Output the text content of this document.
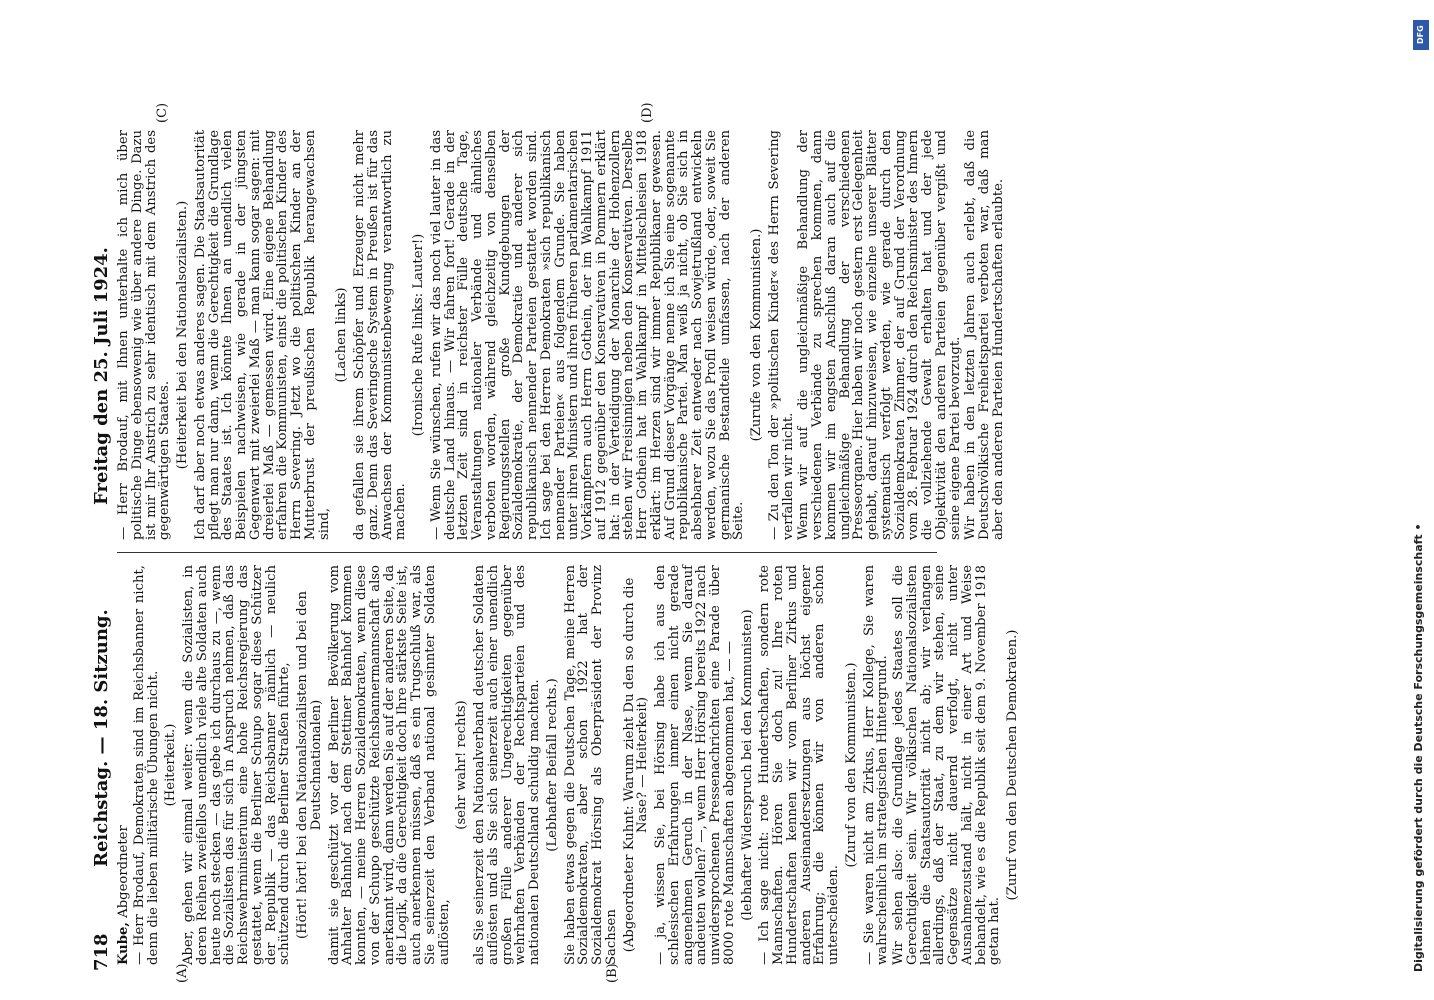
718
Reichstag. — 18. Sitzung.
Freitag den 25. Juli 1924.
(A)	(B)
(C)	(D)

Kube, Abgeordneter — Herr Brodauf, Demokraten sind im Reichsbanner nicht, denn die lieben militärische Übungen nicht. (Heiterkeit.) Aber, gehen wir einmal weiter: wenn die Sozialisten, in deren Reihen zweifellos unendlich viele alte Soldaten auch heute noch stecken — das gebe ich durchaus zu —, wenn die Sozialisten das für sich in Anspruch nehmen, daß das Reichswehrministerium eine hohe Reichsregierung das gestattet, wenn die Berliner Schupo sogar diese Schützer der Republik — das Reichsbanner nämlich — neulich schützend durch die Berliner Straßen führte, (Hört! hört! bei den Nationalsozialisten und bei den Deutschnationalen) damit sie geschützt vor der Berliner Bevölkerung vom Anhalter Bahnhof nach dem Stettiner Bahnhof kommen konnten, — meine Herren Sozialdemokraten, wenn diese von der Schupo geschützte Reichsbannermannschaft also anerkannt wird, dann werden Sie auf der anderen Seite, da die Logik, da die Gerechtigkeit doch Ihre stärkste Seite ist, auch anerkennen müssen, daß es ein Trugschluß war, als Sie seinerzeit den Verband national gesinnter Soldaten auflösten,

(sehr wahr! rechts) als Sie seinerzeit den Nationalverband deutscher Soldaten auflösten und als Sie sich seinerzeit auch einer unendlich großen Fülle anderer Ungerechtigkeiten gegenüber wehrhaften Verbänden der Rechtsparteien und des nationalen Deutschland schuldig machten. (Lebhafter Beifall rechts.) Sie haben etwas gegen die Deutschen Tage, meine Herren Sozialdemokraten, aber schon 1922 hat der Sozialdemokrat Hörsing als Oberpräsident der Provinz Sachsen (Abgeordneter Kuhnt: Warum zieht Du den so durch die Nase? — Heiterkeit) — ja, wissen Sie, bei Hörsing habe ich aus den schlesischen Erfahrungen immer einen nicht gerade angenehmen Geruch in der Nase, wenn Sie darauf andeuten wollen? —, wenn Herr Hörsing bereits 1922 nach unwidersprochenen Pressenachrichten eine Parade über 8000 rote Mannschaften abgenommen hat, — — (lebhafter Widerspruch bei den Kommunisten) — Ich sage nicht: rote Hundertschaften, sondern rote Mannschaften. Hören Sie doch zu! Ihre roten Hundertschaften kennen wir vom Berliner Zirkus und anderen Auseinandersetzungen aus höchst eigener Erfahrung; die können wir von anderen schon unterscheiden.

(Zuruf von den Kommunisten.) — Sie waren nicht am Zirkus, Herr Kollege, Sie waren wahrscheinlich im strategischen Hintergrund. Wir sehen also: die Grundlage jedes Staates soll die Gerechtigkeit sein. Wir völkischen Nationalsozialisten lehnen die Staatsautorität nicht ab; wir verlangen allerdings, daß der Staat, zu dem wir stehen, seine Gegensätze nicht dauernd verfolgt, nicht unter Ausnahmezustand hält, nicht in einer Art und Weise behandelt, wie es die Republik seit dem 9. November 1918 getan hat.

(Zuruf von den Deutschen Demokraten.)

— Herr Brodauf, mit Ihnen unterhalte ich mich über politische Dinge ebensowenig wie über andere Dinge. Dazu ist mir Ihr Anstrich zu sehr identisch mit dem Anstrich des gegenwärtigen Staates. (Heiterkeit bei den Nationalsozialisten.) Ich darf aber noch etwas anderes sagen. Die Staatsautorität pflegt man nur dann, wenn die Gerechtigkeit die Grundlage des Staates ist. Ich könnte Ihnen an unendlich vielen Beispielen nachweisen, wie gerade in der jüngsten Gegenwart mit zweierlei Maß — man kann sogar sagen: mit dreierlei Maß — gemessen wird. Eine eigene Behandlung erfahren die Kommunisten, einst die politischen Kinder des Herrn Severing. Jetzt wo die politischen Kinder an der Mutterbrust der preußischen Republik herangewachsen sind,

(Lachen links) da gefallen sie ihrem Schöpfer und Erzeuger nicht mehr ganz. Denn das Severingsche System in Preußen ist für das Anwachsen der Kommunistenbewegung verantwortlich zu machen.

(Ironische Rufe links: Lauter!) — Wenn Sie wünschen, rufen wir das noch viel lauter in das deutsche Land hinaus. — Wir fahren fort! Gerade in der letzten Zeit sind in reichster Fülle deutsche Tage, Veranstaltungen nationaler Verbände und ähnliches verboten worden, während gleichzeitig von denselben Regierungsstellen große Kundgebungen der Sozialdemokratie, der Demokratie und anderer sich republikanisch nennender Parteien gestattet worden sind. Ich sage bei den Herren Demokraten »sich republikanisch nennender Parteien« aus folgendem Grunde. Sie haben unter ihren Ministern und ihren früheren parlamentarischen Vorkämpfern auch Herrn Gothein, der im Wahlkampf 1911 auf 1912 gegenüber den Konservativen in Pommern erklärt hat: in der Verteidigung der Monarchie der Hohenzollern stehen wir Freisinnigen neben den Konservativen. Derselbe Herr Gothein hat im Wahlkampf in Mittelschlesien 1918 erklärt: im Herzen sind wir immer Republikaner gewesen. Auf Grund dieser Vorgänge nenne ich Sie eine sogenannte republikanische Partei. Man weiß ja nicht, ob Sie sich in absehbarer Zeit entweder nach Sowjetrußland entwickeln werden, wozu Sie das Profil weisen würde, oder, soweit Sie germanische Bestandteile umfassen, nach der anderen Seite.

(Zurufe von den Kommunisten.) — Zu den Ton der »politischen Kinder« des Herrn Severing verfallen wir nicht. Wenn wir auf die ungleichmäßige Behandlung der verschiedenen Verbände zu sprechen kommen, dann kommen wir im engsten Anschluß daran auch auf die ungleichmäßige Behandlung der verschiedenen Presseorgane. Hier haben wir noch gestern erst Gelegenheit gehabt, darauf hinzuweisen, wie einzelne unserer Blätter systematisch verfolgt werden, wie gerade durch den Sozialdemokraten Zimmer, der auf Grund der Verordnung vom 28. Februar 1924 durch den Reichsminister des Innern die vollziehende Gewalt erhalten hat und der jede Objektivität den anderen Parteien gegenüber vergißt und seine eigene Partei bevorzugt. Wir haben in den letzten Jahren auch erlebt, daß die Deutschvölkische Freiheitspartei verboten war, daß man aber den anderen Parteien Hundertschaften erlaubte.

Digitalisierung gefördert durch die Deutsche Forschungsgemeinschaft •
DFG
